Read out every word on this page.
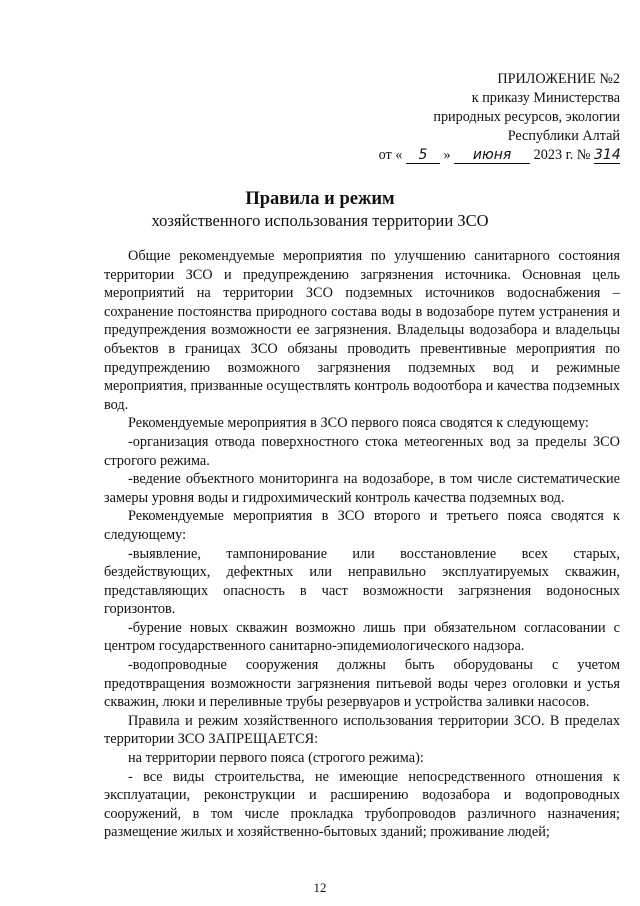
ПРИЛОЖЕНИЕ №2
к приказу Министерства
природных ресурсов, экологии
Республики Алтай
от « 5 » июня 2023 г. № 314
Правила и режим
хозяйственного использования территории ЗСО

Общие рекомендуемые мероприятия по улучшению санитарного состояния территории ЗСО и предупреждению загрязнения источника. Основная цель мероприятий на территории ЗСО подземных источников водоснабжения – сохранение постоянства природного состава воды в водозаборе путем устранения и предупреждения возможности ее загрязнения. Владельцы водозабора и владельцы объектов в границах ЗСО обязаны проводить превентивные мероприятия по предупреждению возможного загрязнения подземных вод и режимные мероприятия, призванные осуществлять контроль водоотбора и качества подземных вод.

Рекомендуемые мероприятия в ЗСО первого пояса сводятся к следующему:

-организация отвода поверхностного стока метеогенных вод за пределы ЗСО строгого режима.

-ведение объектного мониторинга на водозаборе, в том числе систематические замеры уровня воды и гидрохимический контроль качества подземных вод.

Рекомендуемые мероприятия в ЗСО второго и третьего пояса сводятся к следующему:

-выявление, тампонирование или восстановление всех старых, бездействующих, дефектных или неправильно эксплуатируемых скважин, представляющих опасность в част возможности загрязнения водоносных горизонтов.

-бурение новых скважин возможно лишь при обязательном согласовании с центром государственного санитарно-эпидемиологического надзора.

-водопроводные сооружения должны быть оборудованы с учетом предотвращения возможности загрязнения питьевой воды через оголовки и устья скважин, люки и переливные трубы резервуаров и устройства заливки насосов.

Правила и режим хозяйственного использования территории ЗСО. В пределах территории ЗСО ЗАПРЕЩАЕТСЯ:

на территории первого пояса (строгого режима):

- все виды строительства, не имеющие непосредственного отношения к эксплуатации, реконструкции и расширению водозабора и водопроводных сооружений, в том числе прокладка трубопроводов различного назначения; размещение жилых и хозяйственно-бытовых зданий; проживание людей;

12
